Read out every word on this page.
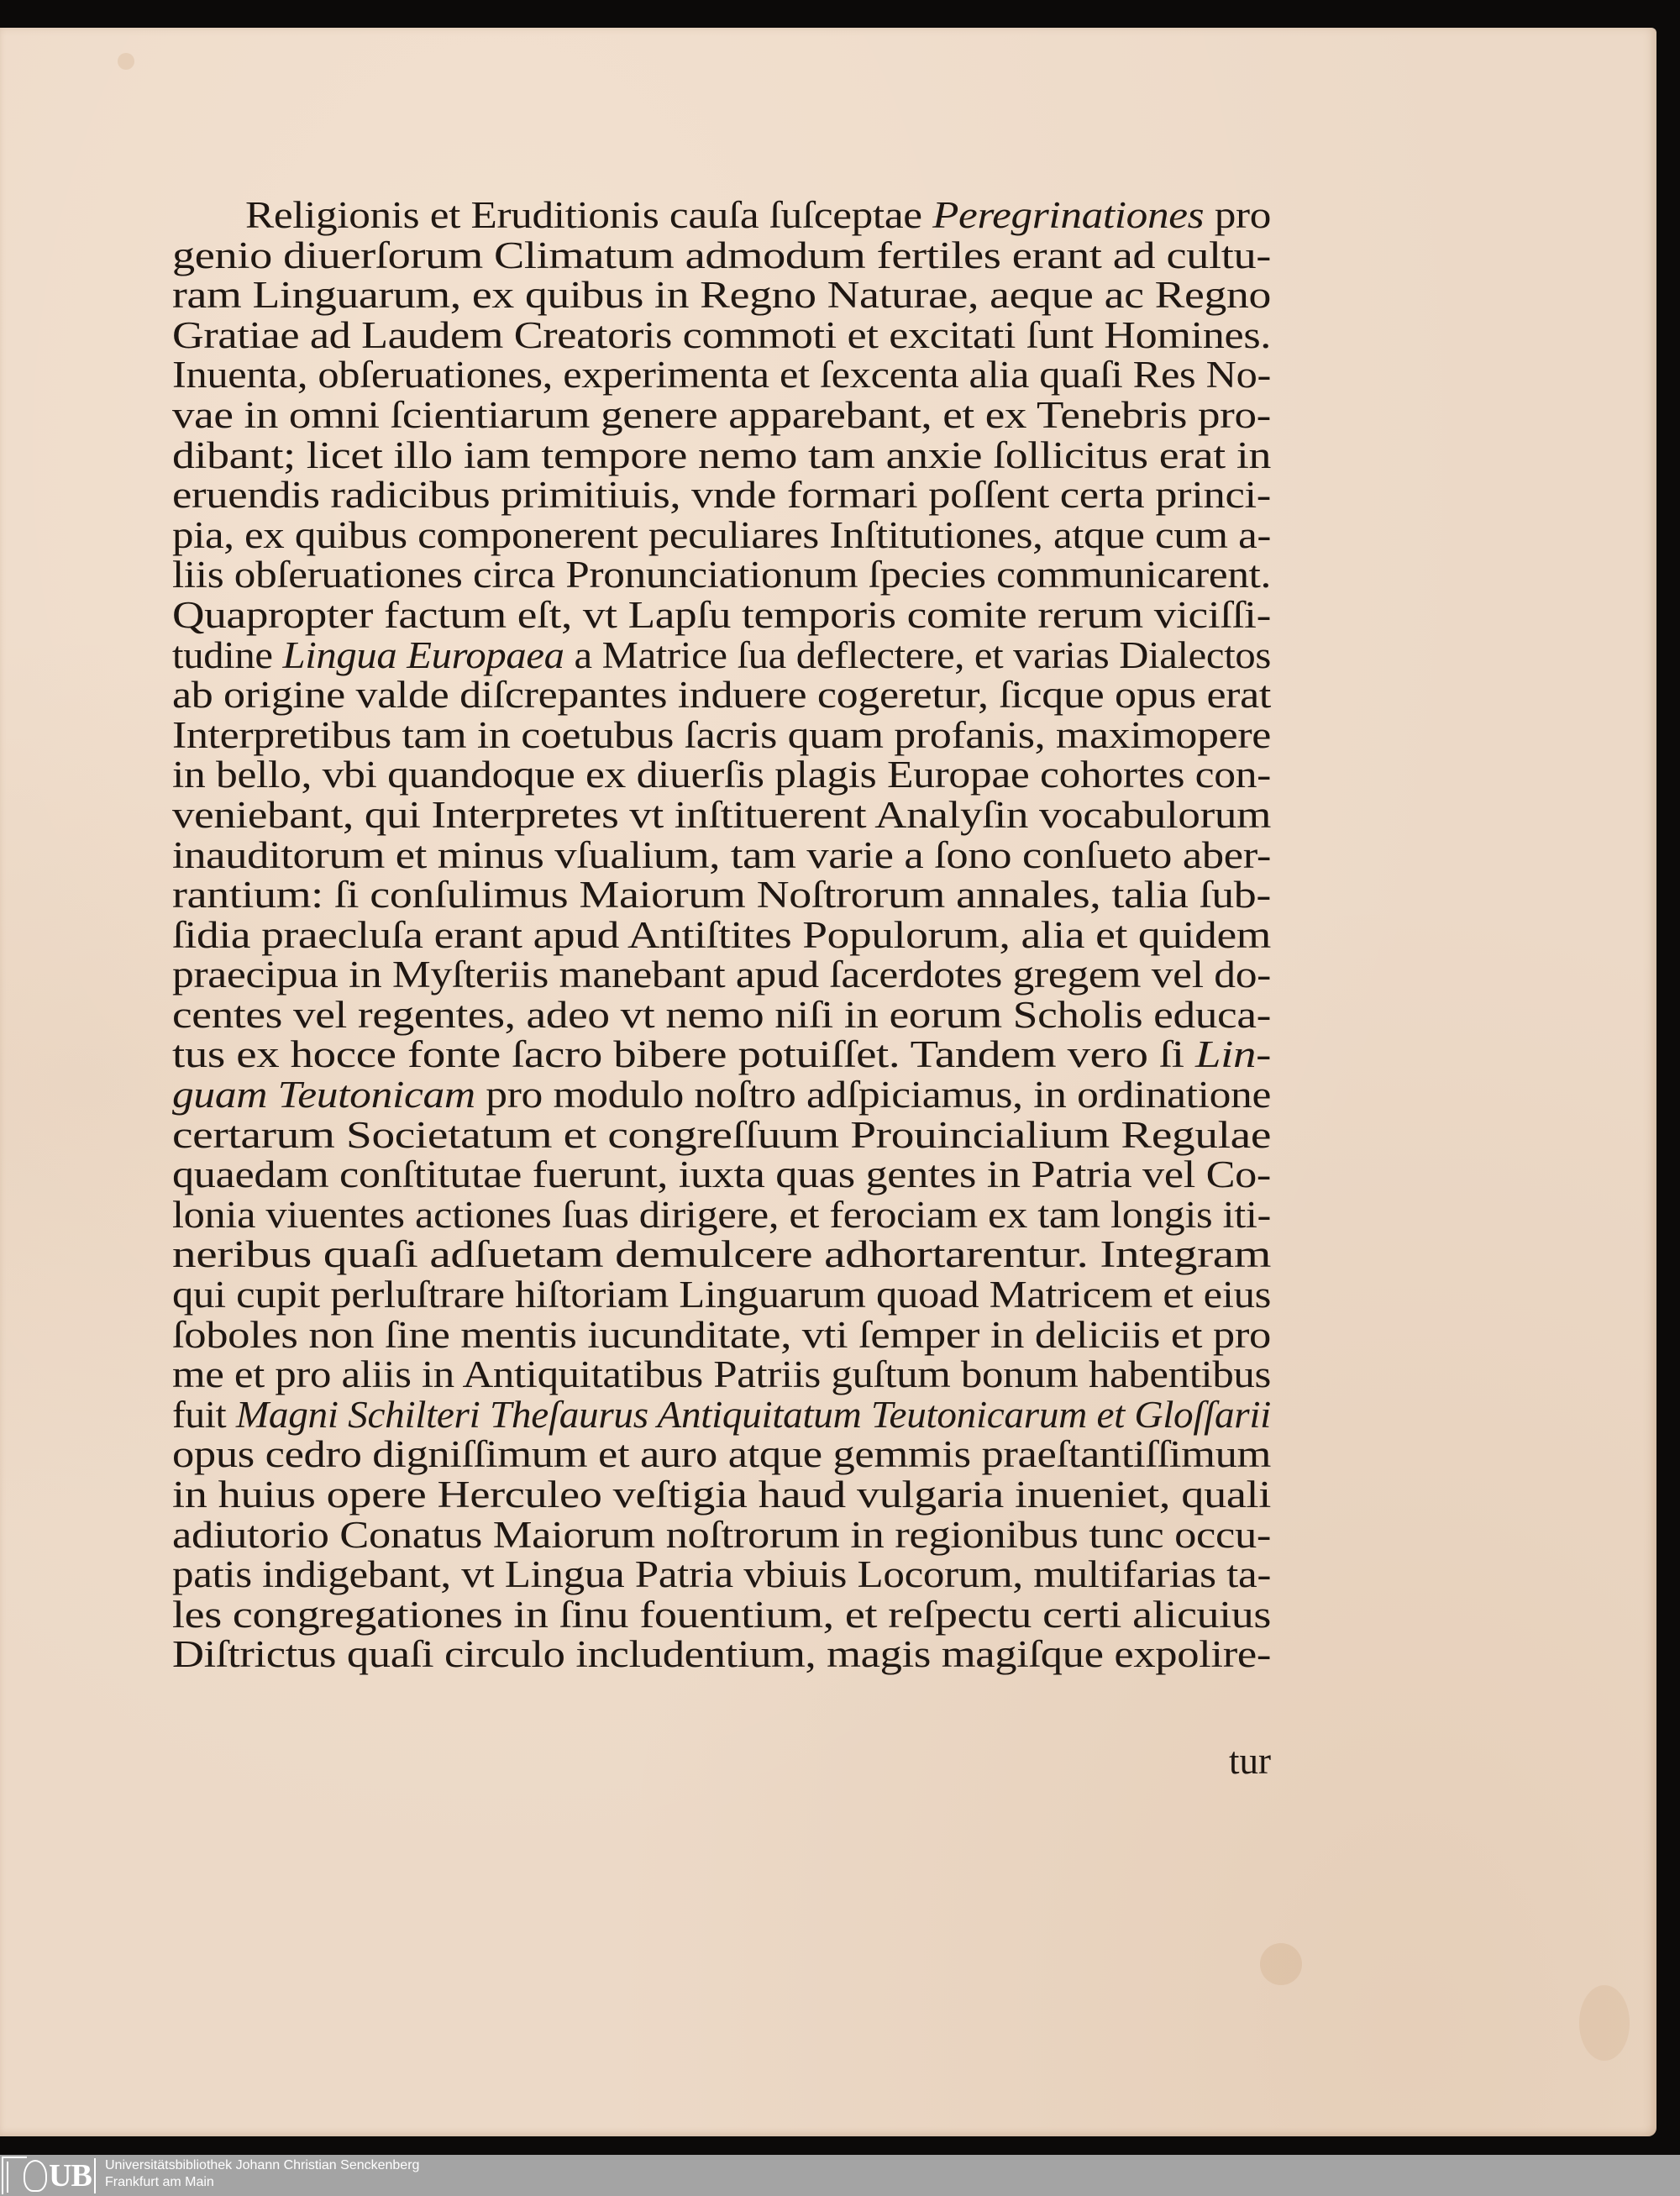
Religionis et Eruditionis cauſa ſuſceptae Peregrinationes pro
genio diuerſorum Climatum admodum fertiles erant ad cultu-
ram Linguarum, ex quibus in Regno Naturae, aeque ac Regno
Gratiae ad Laudem Creatoris commoti et excitati ſunt Homines.
Inuenta, obſeruationes, experimenta et ſexcenta alia quaſi Res No-
vae in omni ſcientiarum genere apparebant, et ex Tenebris pro-
dibant; licet illo iam tempore nemo tam anxie ſollicitus erat in
eruendis radicibus primitiuis, vnde formari poſſent certa princi-
pia, ex quibus componerent peculiares Inſtitutiones, atque cum a-
liis obſeruationes circa Pronunciationum ſpecies communicarent.
Quapropter factum eſt, vt Lapſu temporis comite rerum viciſſi-
tudine Lingua Europaea a Matrice ſua deflectere, et varias Dialectos
ab origine valde diſcrepantes induere cogeretur, ſicque opus erat
Interpretibus tam in coetubus ſacris quam profanis, maximopere
in bello, vbi quandoque ex diuerſis plagis Europae cohortes con-
veniebant, qui Interpretes vt inſtituerent Analyſin vocabulorum
inauditorum et minus vſualium, tam varie a ſono conſueto aber-
rantium: ſi conſulimus Maiorum Noſtrorum annales, talia ſub-
ſidia praecluſa erant apud Antiſtites Populorum, alia et quidem
praecipua in Myſteriis manebant apud ſacerdotes gregem vel do-
centes vel regentes, adeo vt nemo niſi in eorum Scholis educa-
tus ex hocce fonte ſacro bibere potuiſſet. Tandem vero ſi Lin-
guam Teutonicam pro modulo noſtro adſpiciamus, in ordinatione
certarum Societatum et congreſſuum Prouincialium Regulae
quaedam conſtitutae fuerunt, iuxta quas gentes in Patria vel Co-
lonia viuentes actiones ſuas dirigere, et ferociam ex tam longis iti-
neribus quaſi adſuetam demulcere adhortarentur. Integram
qui cupit perluſtrare hiſtoriam Linguarum quoad Matricem et eius
ſoboles non ſine mentis iucunditate, vti ſemper in deliciis et pro
me et pro aliis in Antiquitatibus Patriis guſtum bonum habentibus
fuit Magni Schilteri Theſaurus Antiquitatum Teutonicarum et Gloſſarii
opus cedro digniſſimum et auro atque gemmis praeſtantiſſimum
in huius opere Herculeo veſtigia haud vulgaria inueniet, quali
adiutorio Conatus Maiorum noſtrorum in regionibus tunc occu-
patis indigebant, vt Lingua Patria vbiuis Locorum, multifarias ta-
les congregationes in ſinu fouentium, et reſpectu certi alicuius
Diſtrictus quaſi circulo includentium, magis magiſque expolire-
tur
UB	Universitätsbibliothek Johann Christian Senckenberg
Frankfurt am Main
